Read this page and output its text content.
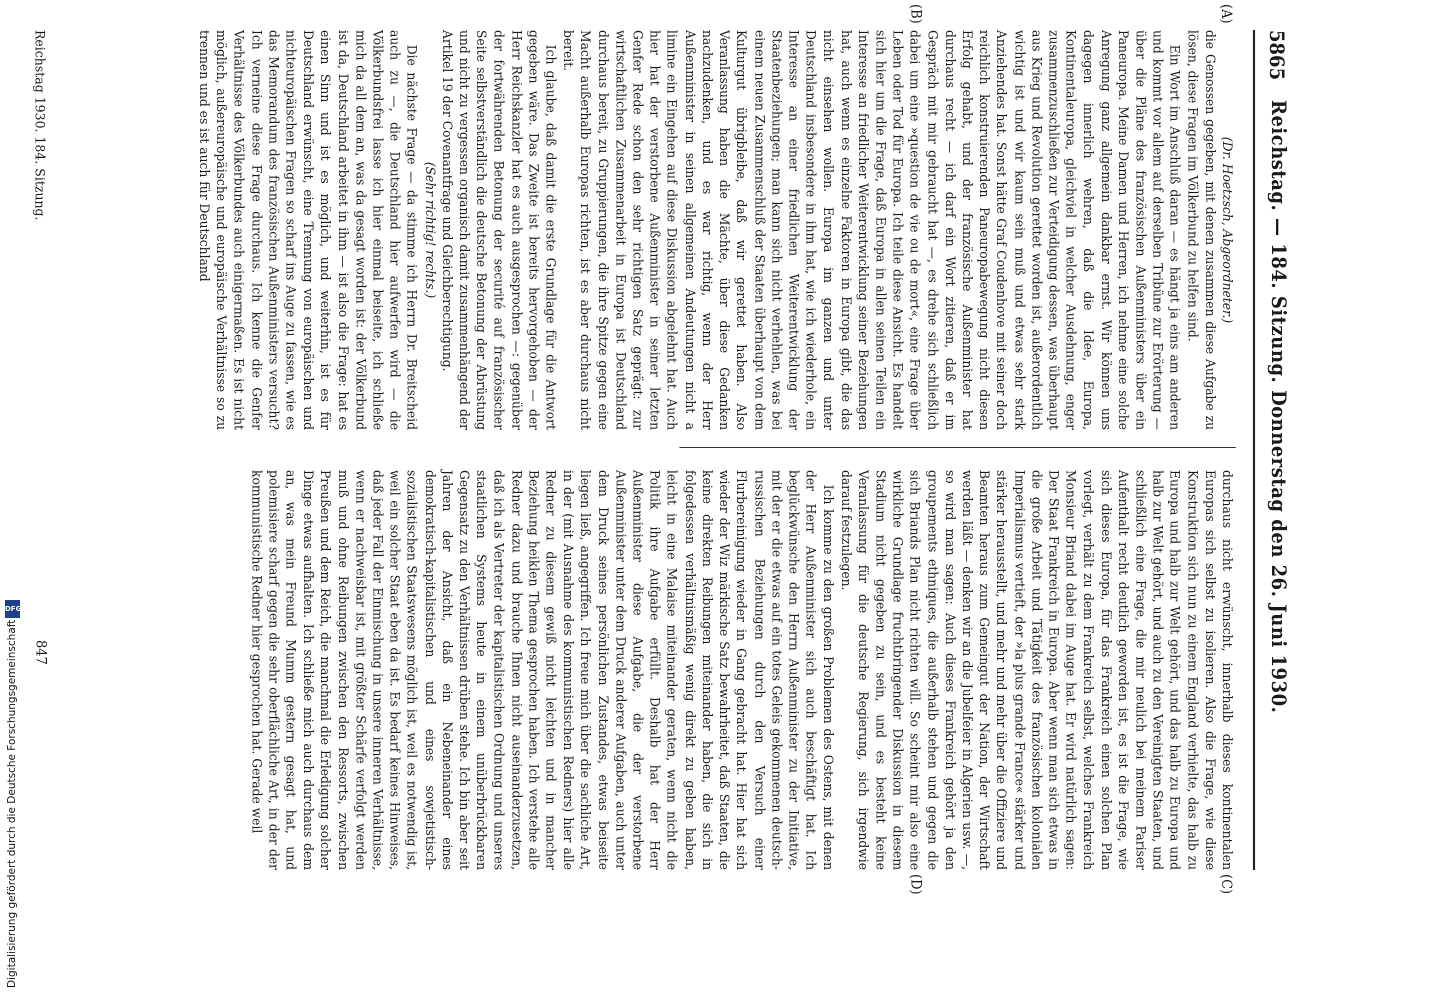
DFG
Digitalisierung gefördert durch die Deutsche Forschungsgemeinschaft
5865
Reichstag. — 184. Sitzung. Donnerstag den 26. Juni 1930.
(A)
(B)
(C)
(D)
(Dr. Hoetzsch, Abgeordneter.)

die Genossen gegeben, mit denen zusammen diese Aufgabe zu lösen, diese Fragen im Völkerbund zu helfen sind.

Ein Wort im Anschluß daran — es hängt ja eins am anderen und kommt vor allem auf derselben Tribüne zur Erörterung — über die Pläne des französischen Außenministers über ein Paneuropa. Meine Damen und Herren, ich nehme eine solche Anregung ganz allgemein dankbar ernst. Wir können uns dagegen innerlich wehren, daß die Idee, Europa, Kontinentaleuropa, gleichviel in welcher Ausdehnung, enger zusammenzuschließen zur Verteidigung dessen, was überhaupt aus Krieg und Revolution gerettet worden ist, außerordentlich wichtig ist und wir kaum sein muß und etwas sehr stark Anziehendes hat. Sonst hätte Graf Coudenhove mit seiner doch reichlich konstruierenden Paneuropabewegung nicht diesen Erfolg gehabt, und der französische Außenminister hat durchaus recht — ich darf ein Wort zitieren, daß er im Gespräch mit mir gebraucht hat —, es drehe sich schließlich dabei um eine »question de vie ou de mort«, eine Frage über Leben oder Tod für Europa. Ich teile diese Ansicht. Es handelt sich hier um die Frage, daß Europa in allen seinen Teilen ein Interesse an friedlicher Weiterentwicklung seiner Beziehungen hat, auch wenn es einzelne Faktoren in Europa gibt, die das nicht einsehen wollen. Europa im ganzen und unter Deutschland insbesondere in ihm hat, wie ich wiederhole, ein Interesse an einer friedlichen Weiterentwicklung der Staatenbeziehungen; man kann sich nicht verhehlen, was bei einem neuen Zusammenschluß der Staaten überhaupt von dem Kulturgut übrigbleibe, daß wir gerettet haben. Also Veranlassung haben die Mächte, über diese Gedanken nachzudenken, und es war richtig, wenn der Herr Außenminister in seinen allgemeinen Andeutungen nicht a limine ein Eingehen auf diese Diskussion abgelehnt hat. Auch hier hat der verstorbene Außenminister in seiner letzten Genfer Rede schon den sehr richtigen Satz geprägt: zur wirtschaftlichen Zusammenarbeit in Europa ist Deutschland durchaus bereit, zu Gruppierungen, die ihre Spitze gegen eine Macht außerhalb Europas richten, ist es aber durchaus nicht bereit.

Ich glaube, daß damit die erste Grundlage für die Antwort gegeben wäre. Das Zweite ist bereits hervorgehoben — der Herr Reichskanzler hat es auch ausgesprochen —: gegenüber der fortwährenden Betonung der securité auf französischer Seite selbstverständlich die deutsche Betonung der Abrüstung und nicht zu vergessen organisch damit zusammenhängend der Artikel 19 der Covenantfrage und Gleichberechtigung.

(Sehr richtig! rechts.)

Die nächste Frage — da stimme ich Herrn Dr. Breitscheid auch zu —, die Deutschland hier aufwerfen wird — die Völkerbundsfrei lasse ich hier einmal beiseite, ich schließe mich da all dem an, was da gesagt worden ist: der Völkerbund ist da, Deutschland arbeitet in ihm — ist also die Frage: hat es einen Sinn und ist es möglich, und weiterhin, ist es für Deutschland erwünscht, eine Trennung von europäischen und nichteuropäischen Fragen so scharf ins Auge zu fassen, wie es das Memorandum des französischen Außenministers versucht? Ich verneine diese Frage durchaus. Ich kenne die Genfer Verhältnisse des Völkerbundes auch einigermaßen. Es ist nicht möglich, außereuropäische und europäische Verhältnisse so zu trennen und es ist auch für Deutschland

durchaus nicht erwünscht, innerhalb dieses kontinentalen Europas sich selbst zu isolieren. Also die Frage, wie diese Konstruktion sich nun zu einem England verhielte, das halb zu Europa und halb zur Welt gehört, und das halb zu Europa und halb zur Welt gehört, und auch zu den Vereinigten Staaten, und schließlich eine Frage, die mir neulich bei meinem Pariser Aufenthalt recht deutlich geworden ist, es ist die Frage, wie sich dieses Europa, für das Frankreich einen solchen Plan vorlegt, verhält zu dem Frankreich selbst, welches Frankreich Monsieur Briand dabei im Auge hat. Er wird natürlich sagen: Der Staat Frankreich in Europa. Aber wenn man sich etwas in die große Arbeit und Tätigkeit des französischen kolonialen Imperialismus vertieft, der »la plus grande France« stärker und stärker herausstellt, und mehr und mehr über die Offiziere und Beamten heraus zum Gemeingut der Nation, der Wirtschaft werden läßt — denken wir an die Jubelfeier in Algerien usw. —, so wird man sagen: Auch dieses Frankreich gehört ja den groupements ethniques, die außerhalb stehen und gegen die sich Briands Plan nicht richten will. So scheint mir also eine wirkliche Grundlage fruchtbringender Diskussion in diesem Stadium nicht gegeben zu sein, und es besteht keine Veranlassung für die deutsche Regierung, sich irgendwie darauf festzulegen.

Ich komme zu den großen Problemen des Ostens, mit denen der Herr Außenminister sich auch beschäftigt hat. Ich beglückwünsche den Herrn Außenminister zu der Initiative, mit der er die etwas auf ein totes Geleis gekommenen deutsch-russischen Beziehungen durch den Versuch einer Flurbereinigung wieder in Gang gebracht hat. Hier hat sich wieder der Wiz märkische Satz bewahrheitet, daß Staaten, die keine direkten Reibungen miteinander haben, die sich in folgedessen verhältnismäßig wenig direkt zu geben haben, leicht in eine Malaise miteinander geraten, wenn nicht die Politik ihre Aufgabe erfüllt. Deshalb hat der Herr Außenminister diese Aufgabe, die der verstorbene Außenminister unter dem Druck anderer Aufgaben, auch unter dem Druck seines persönlichen Zustandes, etwas beiseite liegen ließ, angegriffen. Ich freue mich über die sachliche Art, in der (mit Ausnahme des kommunistischen Redners) hier alle Redner zu diesem gewiß nicht leichten und in mancher Beziehung heiklen Thema gesprochen haben. Ich verstehe alle Redner dazu und brauche Ihnen nicht auseinanderzusetzen, daß ich als Vertreter der kapitalistischen Ordnung und unseres staatlichen Systems heute in einem unüberbrückbaren Gegensatz zu den Verhältnissen drüben stehe. Ich bin aber seit Jahren der Ansicht, daß ein Nebeneinander eines demokratisch-kapitalistischen und eines sowjetistisch-sozialistischen Staatswesens möglich ist, weil es notwendig ist, weil ein solcher Staat eben da ist. Es bedarf keines Hinweises, daß jeder Fall der Einmischung in unsere inneren Verhältnisse, wenn er nachweisbar ist, mit größter Schärfe verfolgt werden muß und ohne Reibungen zwischen den Ressorts, zwischen Preußen und dem Reich, die manchmal die Erledigung solcher Dinge etwas aufhalten. Ich schließe mich auch durchaus dem an, was mein Freund Mumm gestern gesagt hat, und polemisiere scharf gegen die sehr oberflächliche Art, in der der kommunistische Redner hier gesprochen hat. Gerade weil

Reichstag 1930. 184. Sitzung.
847
